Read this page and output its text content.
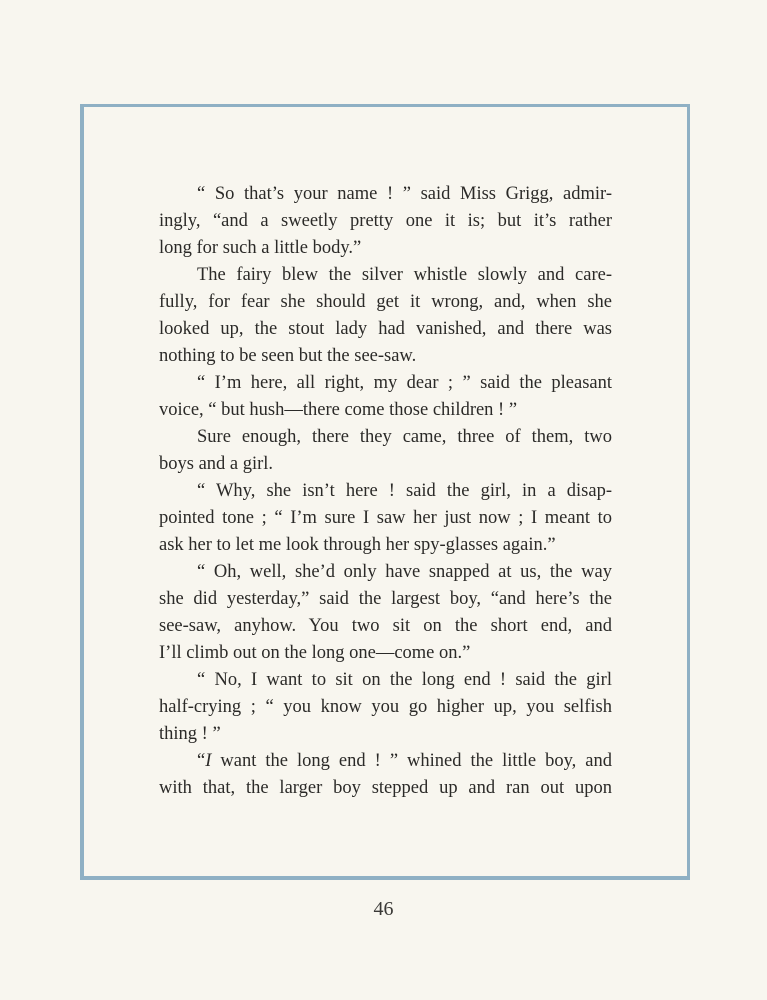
“ So that’s your name ! ” said Miss Grigg, admir-
ingly, “and a sweetly pretty one it is; but it’s rather
long for such a little body.”
The fairy blew the silver whistle slowly and care-
fully, for fear she should get it wrong, and, when she
looked up, the stout lady had vanished, and there was
nothing to be seen but the see-saw.
“ I’m here, all right, my dear ; ” said the pleasant
voice, “ but hush—there come those children ! ”
Sure enough, there they came, three of them, two
boys and a girl.
“ Why, she isn’t here ! said the girl, in a disap-
pointed tone ; “ I’m sure I saw her just now ; I meant to
ask her to let me look through her spy-glasses again.”
“ Oh, well, she’d only have snapped at us, the way
she did yesterday,” said the largest boy, “and here’s the
see-saw, anyhow. You two sit on the short end, and
I’ll climb out on the long one—come on.”
“ No, I want to sit on the long end ! said the girl
half-crying ; “ you know you go higher up, you selfish
thing ! ”
“I want the long end ! ” whined the little boy, and
with that, the larger boy stepped up and ran out upon
46
